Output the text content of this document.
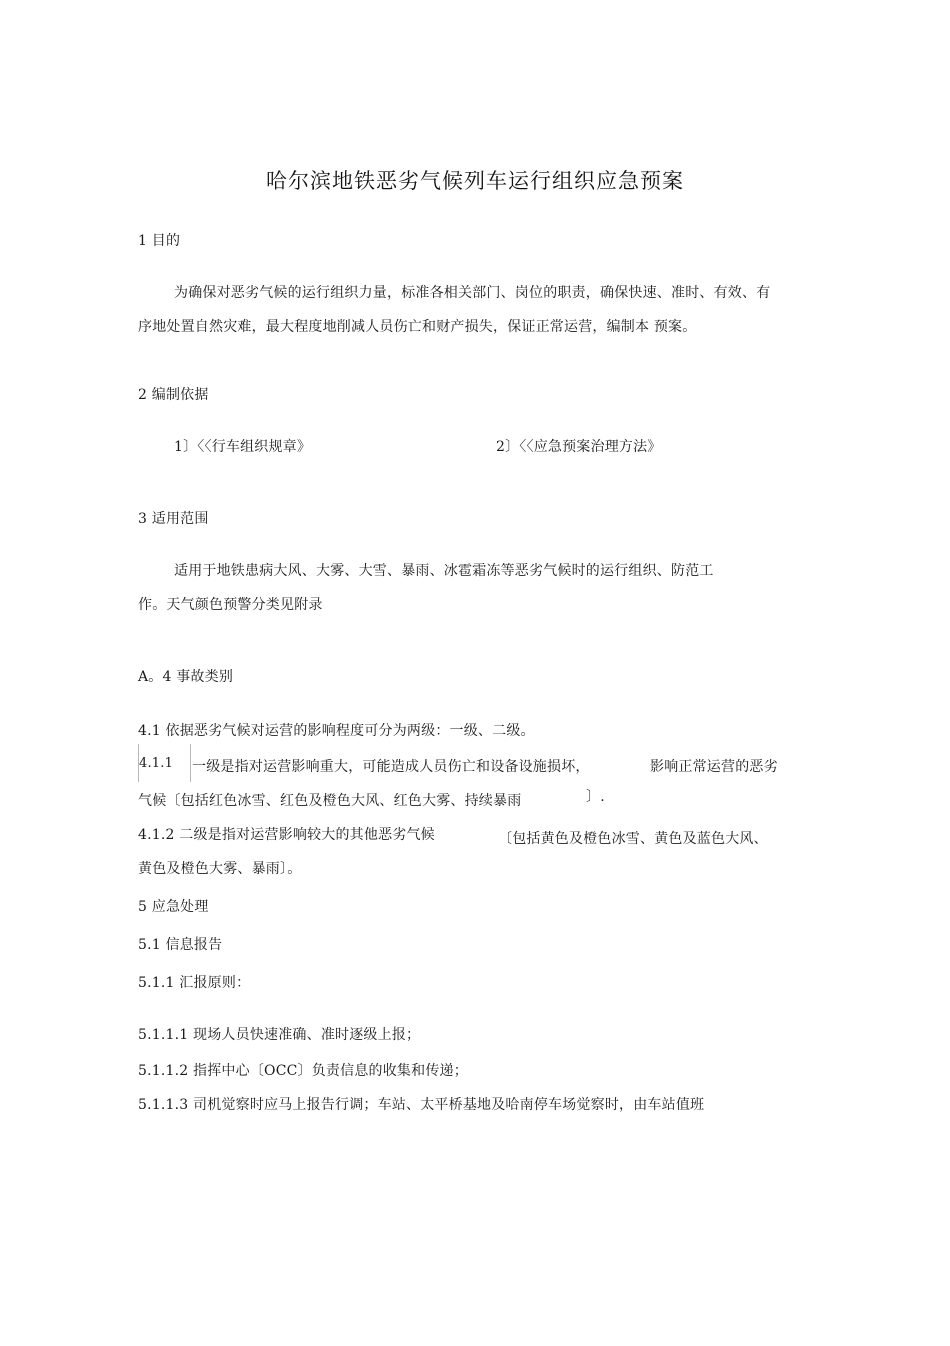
哈尔滨地铁恶劣气候列车运行组织应急预案
1 目的
为确保对恶劣气候的运行组织力量，标准各相关部门、岗位的职责，确保快速、准时、有效、有
序地处置自然灾难，最大程度地削减人员伤亡和财产损失，保证正常运营，编制本 预案。
2 编制依据
1〕〈〈行车组织规章》	2〕〈〈应急预案治理方法》
3 适用范围
适用于地铁患病大风、大雾、大雪、暴雨、冰雹霜冻等恶劣气候时的运行组织、防范工
作。天气颜色预警分类见附录
A。4 事故类别
4.1 依据恶劣气候对运营的影响程度可分为两级：一级、二级。
4.1.1 一级是指对运营影响重大，可能造成人员伤亡和设备设施损坏，	影响正常运营的恶劣
气候〔包括红色冰雪、红色及橙色大风、红色大雾、持续暴雨	〕.
4.1.2 二级是指对运营影响较大的其他恶劣气候	〔包括黄色及橙色冰雪、黄色及蓝色大风、
黄色及橙色大雾、暴雨〕。
5 应急处理
5.1 信息报告
5.1.1 汇报原则：
5.1.1.1 现场人员快速准确、准时逐级上报；
5.1.1.2 指挥中心〔OCC〕负责信息的收集和传递；
5.1.1.3 司机觉察时应马上报告行调；车站、太平桥基地及哈南停车场觉察时，由车站值班
